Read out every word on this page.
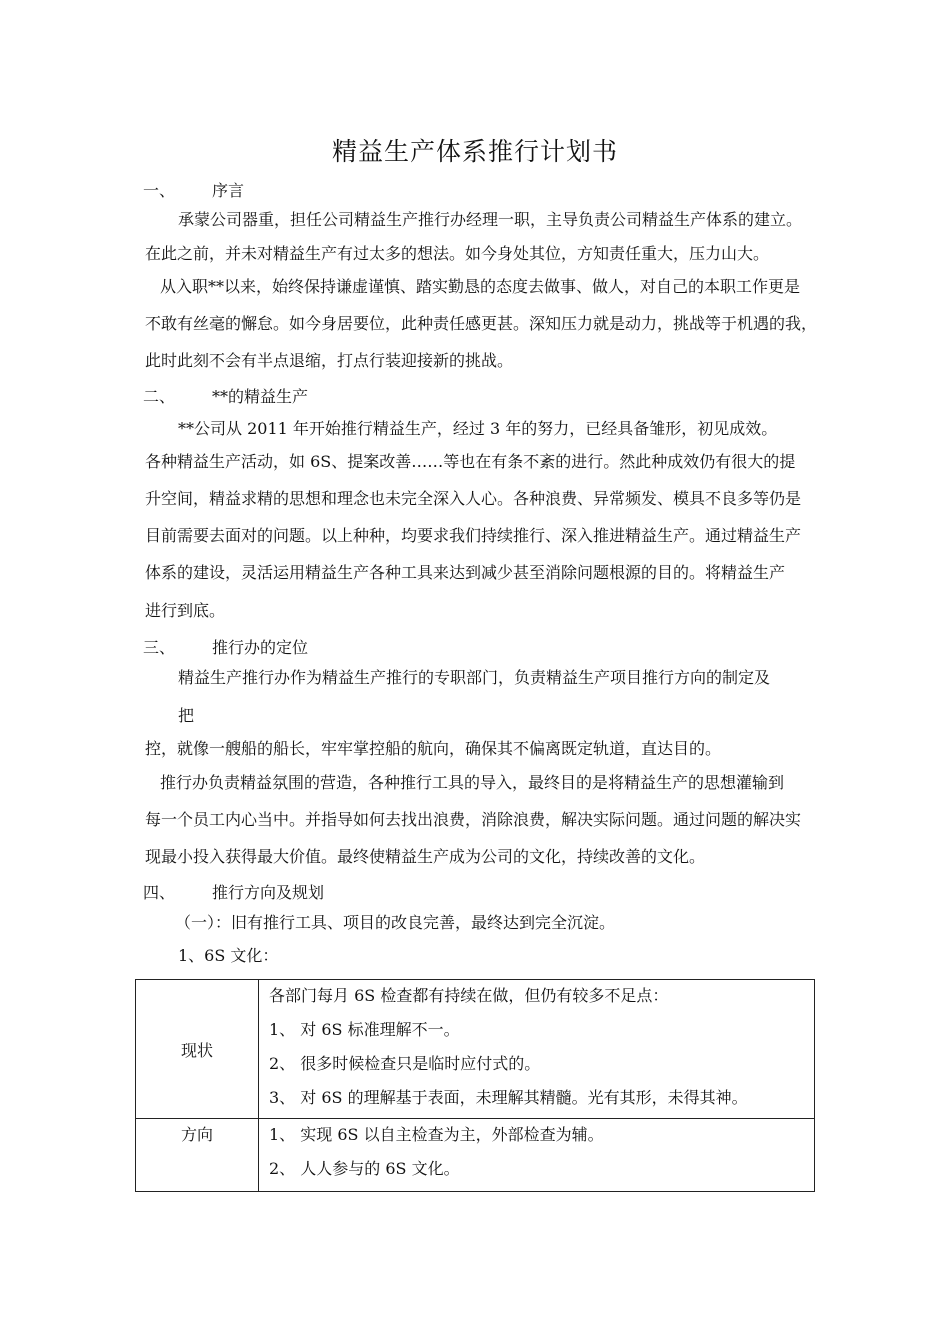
精益生产体系推行计划书
一、 序言
承蒙公司器重，担任公司精益生产推行办经理一职，主导负责公司精益生产体系的建立。
在此之前，并未对精益生产有过太多的想法。如今身处其位，方知责任重大，压力山大。
从入职**以来，始终保持谦虚谨慎、踏实勤恳的态度去做事、做人，对自己的本职工作更是
不敢有丝毫的懈怠。如今身居要位，此种责任感更甚。深知压力就是动力，挑战等于机遇的我，
此时此刻不会有半点退缩，打点行装迎接新的挑战。
二、 **的精益生产
**公司从 2011 年开始推行精益生产，经过 3 年的努力，已经具备雏形，初见成效。
各种精益生产活动，如 6S、提案改善……等也在有条不紊的进行。然此种成效仍有很大的提
升空间，精益求精的思想和理念也未完全深入人心。各种浪费、异常频发、模具不良多等仍是
目前需要去面对的问题。以上种种，均要求我们持续推行、深入推进精益生产。通过精益生产
体系的建设，灵活运用精益生产各种工具来达到减少甚至消除问题根源的目的。将精益生产
进行到底。
三、 推行办的定位
精益生产推行办作为精益生产推行的专职部门，负责精益生产项目推行方向的制定及
把
控，就像一艘船的船长，牢牢掌控船的航向，确保其不偏离既定轨道，直达目的。
推行办负责精益氛围的营造，各种推行工具的导入，最终目的是将精益生产的思想灌输到
每一个员工内心当中。并指导如何去找出浪费，消除浪费，解决实际问题。通过问题的解决实
现最小投入获得最大价值。最终使精益生产成为公司的文化，持续改善的文化。
四、 推行方向及规划
（一）：旧有推行工具、项目的改良完善，最终达到完全沉淀。
1、6S 文化：
现状	各部门每月 6S 检查都有持续在做，但仍有较多不足点：
1、 对 6S 标准理解不一。
2、 很多时候检查只是临时应付式的。
3、 对 6S 的理解基于表面，未理解其精髓。光有其形，未得其神。

方向	1、 实现 6S 以自主检查为主，外部检查为辅。
2、 人人参与的 6S 文化。
